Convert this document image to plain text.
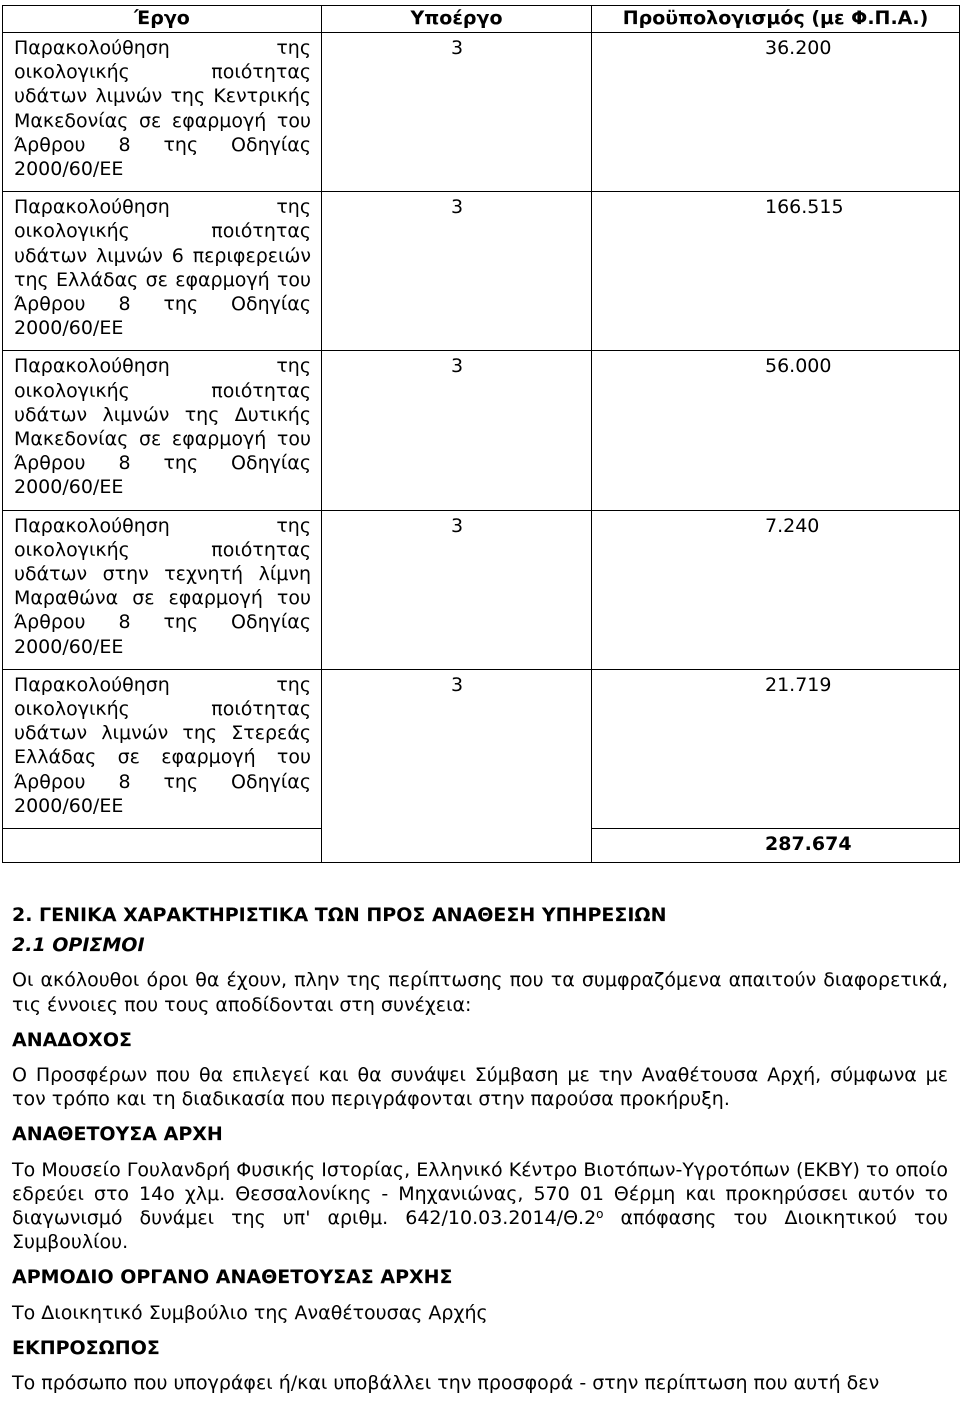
Έργο	Υποέργο	Προϋπολογισμός (με Φ.Π.Α.)
Παρακολούθηση της οικολογικής ποιότητας υδάτων λιμνών της Κεντρικής Μακεδονίας σε εφαρμογή του Άρθρου 8 της Οδηγίας 2000/60/ΕΕ	3	36.200
Παρακολούθηση της οικολογικής ποιότητας υδάτων λιμνών 6 περιφερειών της Ελλάδας σε εφαρμογή του Άρθρου 8 της Οδηγίας 2000/60/ΕΕ	3	166.515
Παρακολούθηση της οικολογικής ποιότητας υδάτων λιμνών της Δυτικής Μακεδονίας σε εφαρμογή του Άρθρου 8 της Οδηγίας 2000/60/ΕΕ	3	56.000
Παρακολούθηση της οικολογικής ποιότητας υδάτων στην τεχνητή λίμνη Μαραθώνα σε εφαρμογή του Άρθρου 8 της Οδηγίας 2000/60/ΕΕ	3	7.240
Παρακολούθηση της οικολογικής ποιότητας υδάτων λιμνών της Στερεάς Ελλάδας σε εφαρμογή του Άρθρου 8 της Οδηγίας 2000/60/ΕΕ	3	21.719
		287.674

2. ΓΕΝΙΚΑ ΧΑΡΑΚΤΗΡΙΣΤΙΚΑ ΤΩΝ ΠΡΟΣ ΑΝΑΘΕΣΗ ΥΠΗΡΕΣΙΩΝ

2.1 ΟΡΙΣΜΟΙ

Οι ακόλουθοι όροι θα έχουν, πλην της περίπτωσης που τα συμφραζόμενα απαιτούν διαφορετικά, τις έννοιες που τους αποδίδονται στη συνέχεια:

ΑΝΑΔΟΧΟΣ

Ο Προσφέρων που θα επιλεγεί και θα συνάψει Σύμβαση με την Αναθέτουσα Αρχή, σύμφωνα με τον τρόπο και τη διαδικασία που περιγράφονται στην παρούσα προκήρυξη.

ΑΝΑΘΕΤΟΥΣΑ ΑΡΧΗ

Το Μουσείο Γουλανδρή Φυσικής Ιστορίας, Ελληνικό Κέντρο Βιοτόπων-Υγροτόπων (ΕΚΒΥ) το οποίο εδρεύει στο 14ο χλμ. Θεσσαλονίκης - Μηχανιώνας, 570 01 Θέρμη και προκηρύσσει αυτόν το διαγωνισμό δυνάμει της υπ' αριθμ. $642/10.03.2014/\Theta.2^o$ απόφασης του Διοικητικού του Συμβουλίου.

ΑΡΜΟΔΙΟ ΟΡΓΑΝΟ ΑΝΑΘΕΤΟΥΣΑΣ ΑΡΧΗΣ

Το Διοικητικό Συμβούλιο της Αναθέτουσας Αρχής

ΕΚΠΡΟΣΩΠΟΣ

Το πρόσωπο που υπογράφει ή/και υποβάλλει την προσφορά - στην περίπτωση που αυτή δεν
